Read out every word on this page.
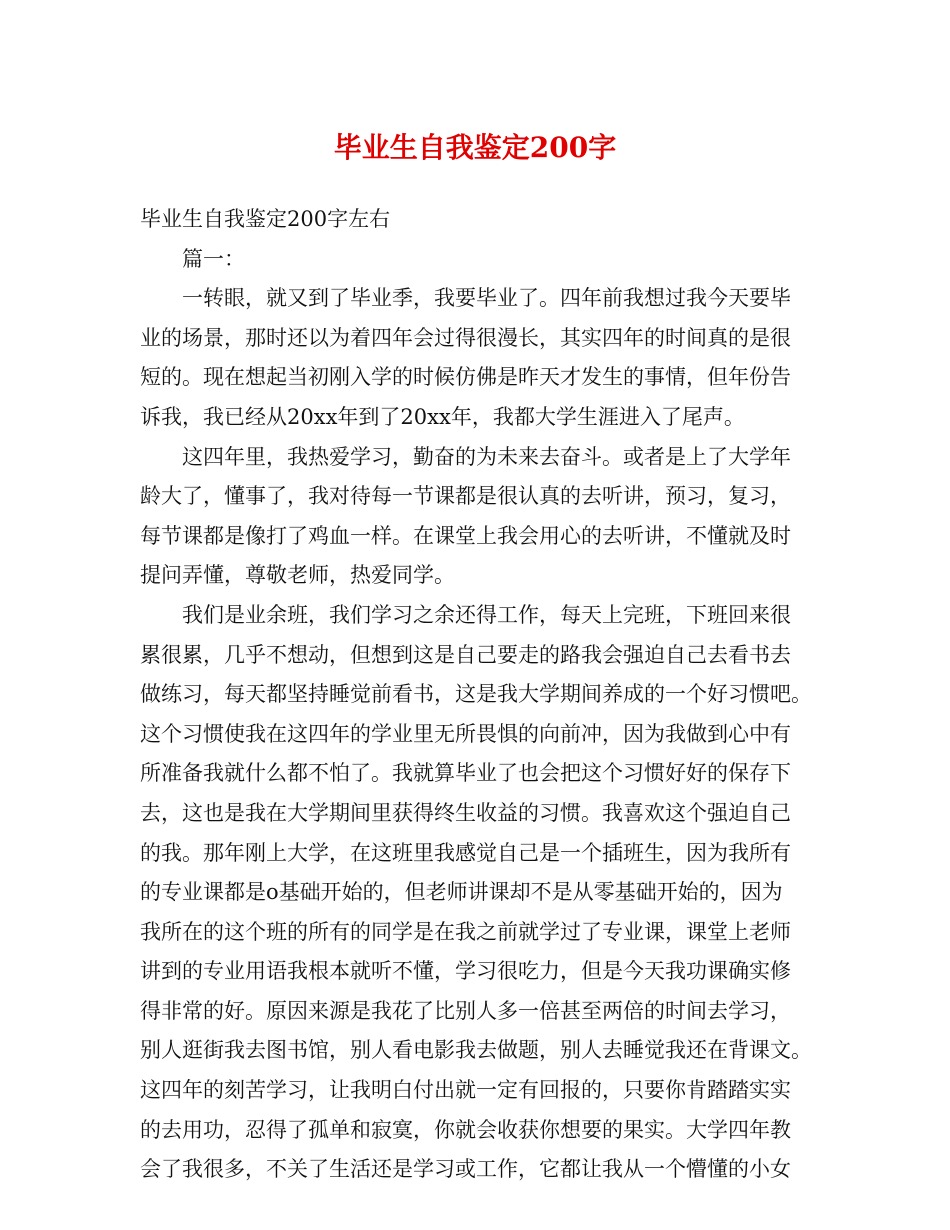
毕业生自我鉴定200字
毕业生自我鉴定200字左右
篇一：
一转眼，就又到了毕业季，我要毕业了。四年前我想过我今天要毕
业的场景，那时还以为着四年会过得很漫长，其实四年的时间真的是很
短的。现在想起当初刚入学的时候仿佛是昨天才发生的事情，但年份告
诉我，我已经从20xx年到了20xx年，我都大学生涯进入了尾声。
这四年里，我热爱学习，勤奋的为未来去奋斗。或者是上了大学年
龄大了，懂事了，我对待每一节课都是很认真的去听讲，预习，复习，
每节课都是像打了鸡血一样。在课堂上我会用心的去听讲，不懂就及时
提问弄懂，尊敬老师，热爱同学。
我们是业余班，我们学习之余还得工作，每天上完班，下班回来很
累很累，几乎不想动，但想到这是自己要走的路我会强迫自己去看书去
做练习，每天都坚持睡觉前看书，这是我大学期间养成的一个好习惯吧。
这个习惯使我在这四年的学业里无所畏惧的向前冲，因为我做到心中有
所准备我就什么都不怕了。我就算毕业了也会把这个习惯好好的保存下
去，这也是我在大学期间里获得终生收益的习惯。我喜欢这个强迫自己
的我。那年刚上大学，在这班里我感觉自己是一个插班生，因为我所有
的专业课都是o基础开始的，但老师讲课却不是从零基础开始的，因为
我所在的这个班的所有的同学是在我之前就学过了专业课，课堂上老师
讲到的专业用语我根本就听不懂，学习很吃力，但是今天我功课确实修
得非常的好。原因来源是我花了比别人多一倍甚至两倍的时间去学习，
别人逛街我去图书馆，别人看电影我去做题，别人去睡觉我还在背课文。
这四年的刻苦学习，让我明白付出就一定有回报的，只要你肯踏踏实实
的去用功，忍得了孤单和寂寞，你就会收获你想要的果实。大学四年教
会了我很多，不关了生活还是学习或工作，它都让我从一个懵懂的小女
